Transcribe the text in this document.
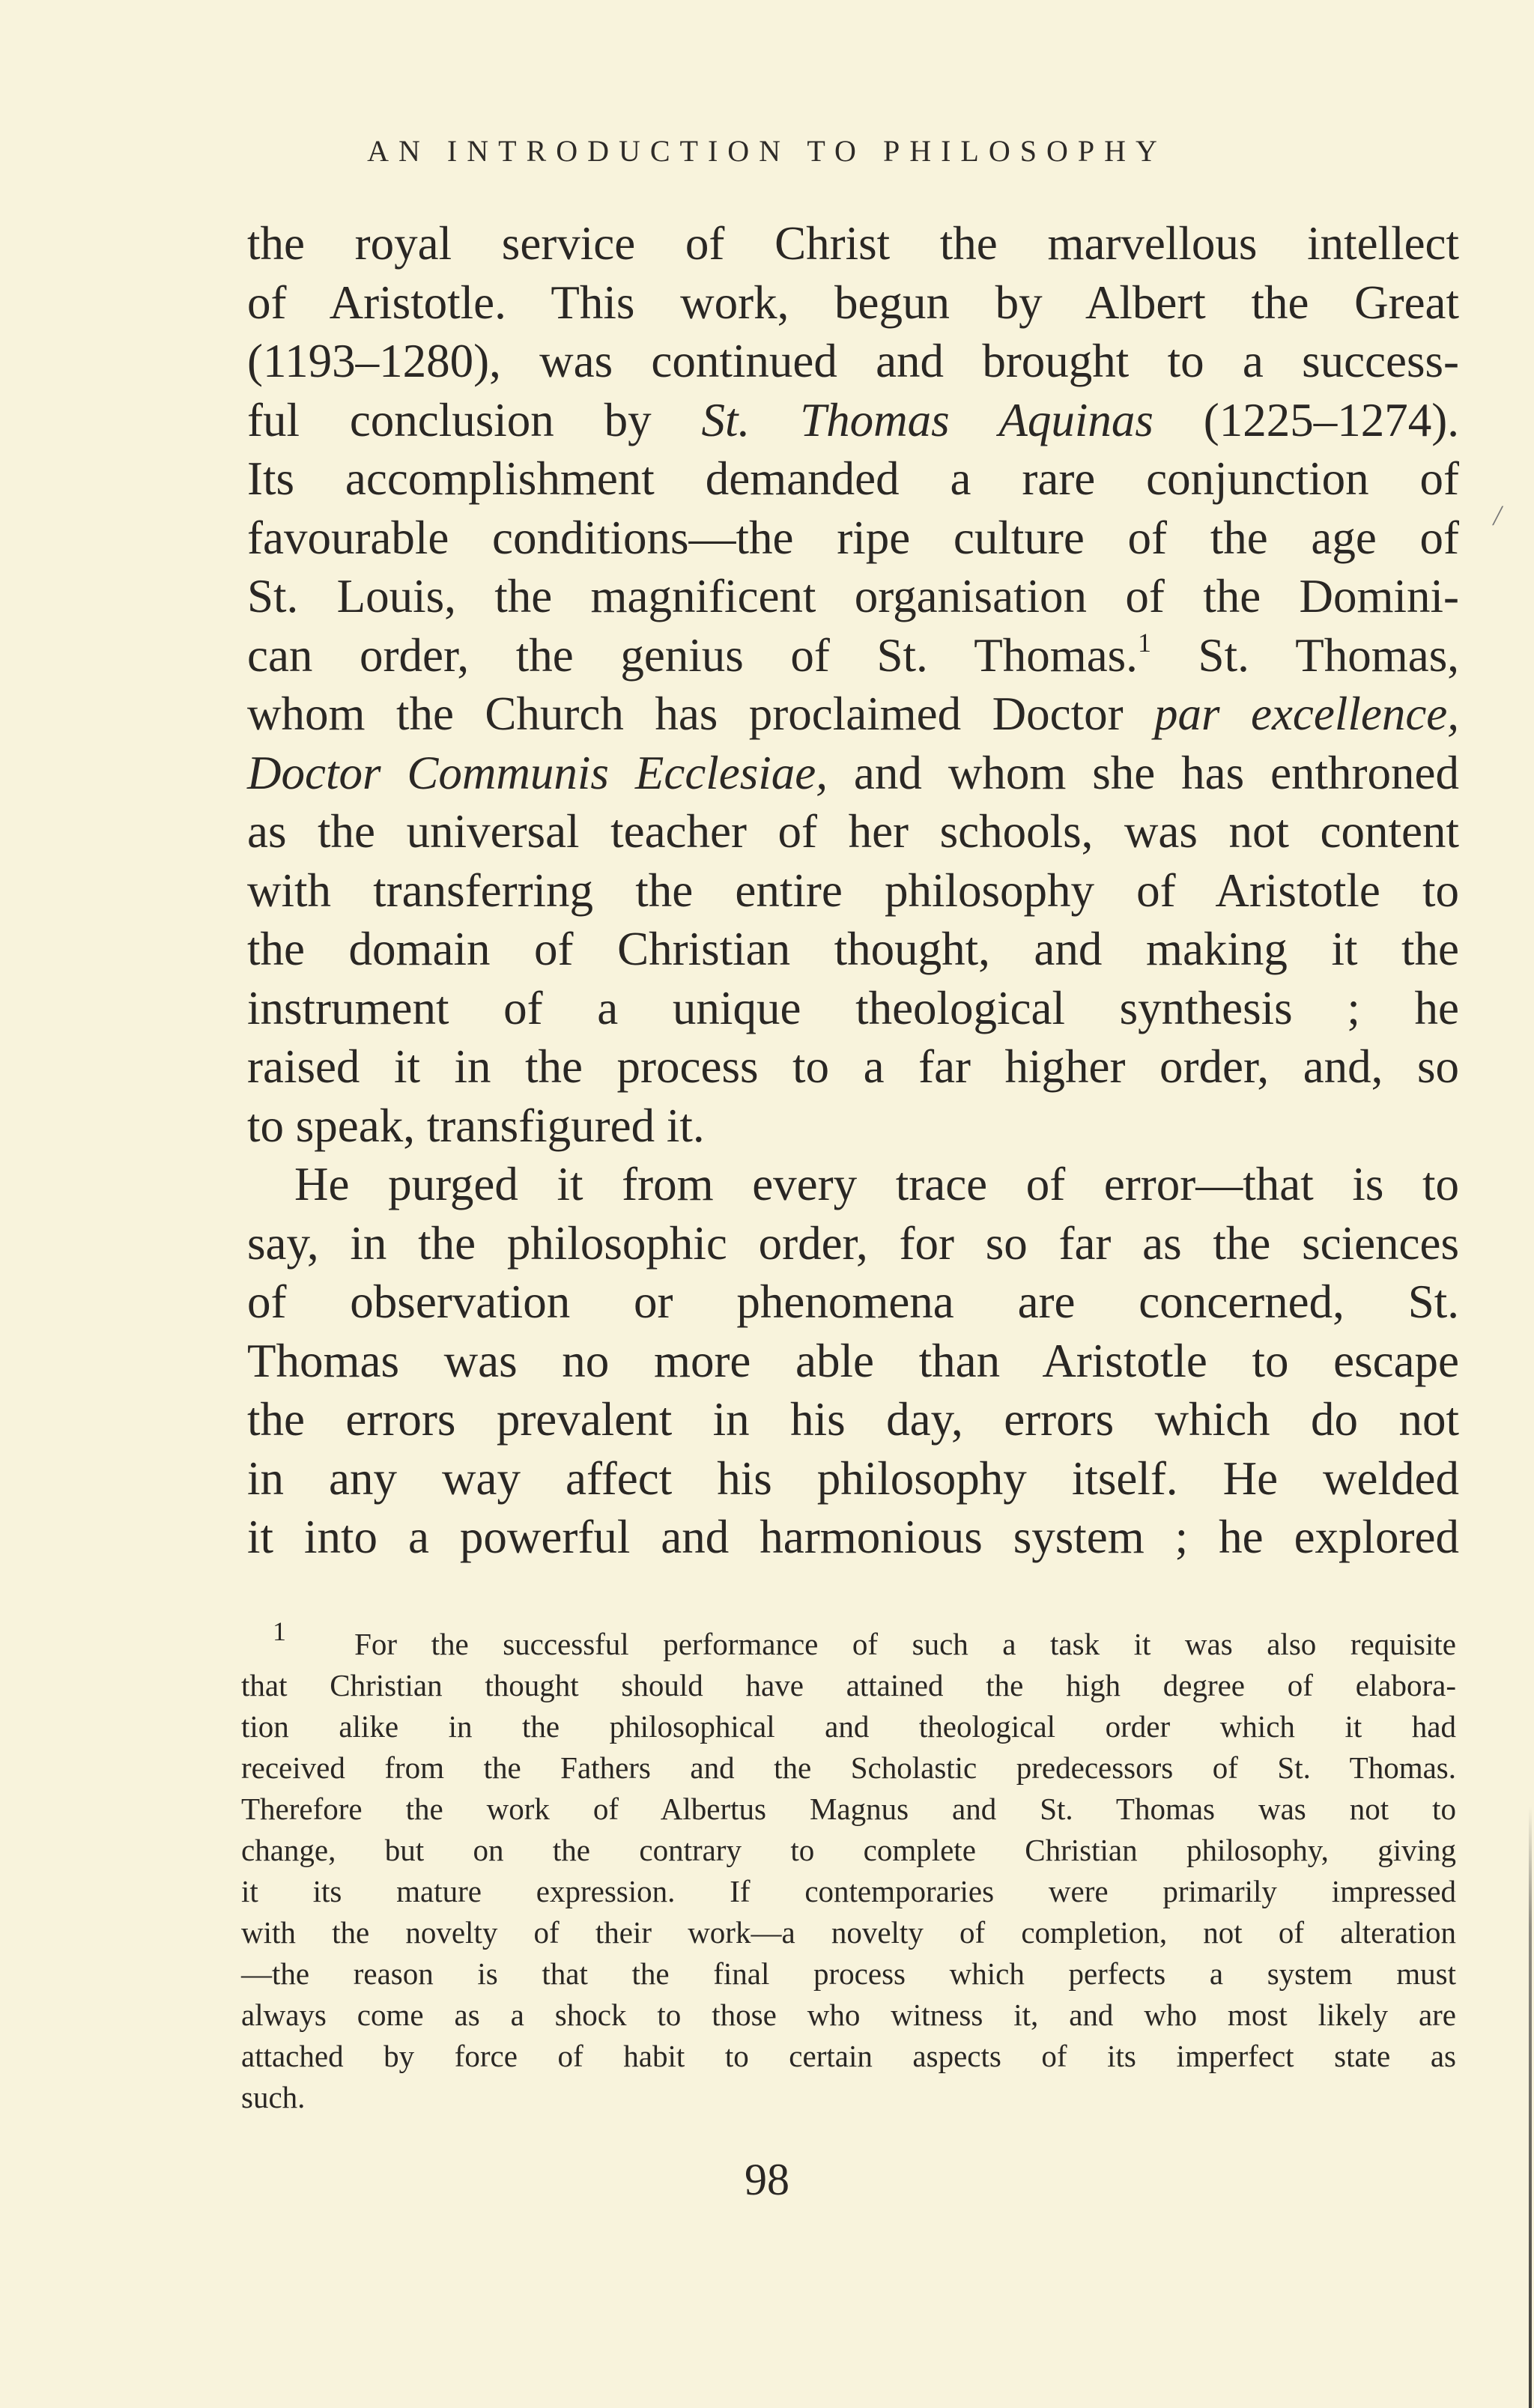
AN INTRODUCTION TO PHILOSOPHY
the royal service of Christ the marvellous intellect
of Aristotle. This work, begun by Albert the Great
(1193–1280), was continued and brought to a success-
ful conclusion by St. Thomas Aquinas (1225–1274).
Its accomplishment demanded a rare conjunction of
favourable conditions—the ripe culture of the age of
St. Louis, the magnificent organisation of the Domini-
can order, the genius of St. Thomas.$^1$ St. Thomas,
whom the Church has proclaimed Doctor par excellence,
Doctor Communis Ecclesiae, and whom she has enthroned
as the universal teacher of her schools, was not content
with transferring the entire philosophy of Aristotle to
the domain of Christian thought, and making it the
instrument of a unique theological synthesis ; he
raised it in the process to a far higher order, and, so
to speak, transfigured it.
He purged it from every trace of error—that is to
say, in the philosophic order, for so far as the sciences
of observation or phenomena are concerned, St.
Thomas was no more able than Aristotle to escape
the errors prevalent in his day, errors which do not
in any way affect his philosophy itself. He welded
it into a powerful and harmonious system ; he explored
╱
$^1$ For the successful performance of such a task it was also requisite
that Christian thought should have attained the high degree of elabora-
tion alike in the philosophical and theological order which it had
received from the Fathers and the Scholastic predecessors of St. Thomas.
Therefore the work of Albertus Magnus and St. Thomas was not to
change, but on the contrary to complete Christian philosophy, giving
it its mature expression. If contemporaries were primarily impressed
with the novelty of their work—a novelty of completion, not of alteration
—the reason is that the final process which perfects a system must
always come as a shock to those who witness it, and who most likely are
attached by force of habit to certain aspects of its imperfect state as
such.
98
